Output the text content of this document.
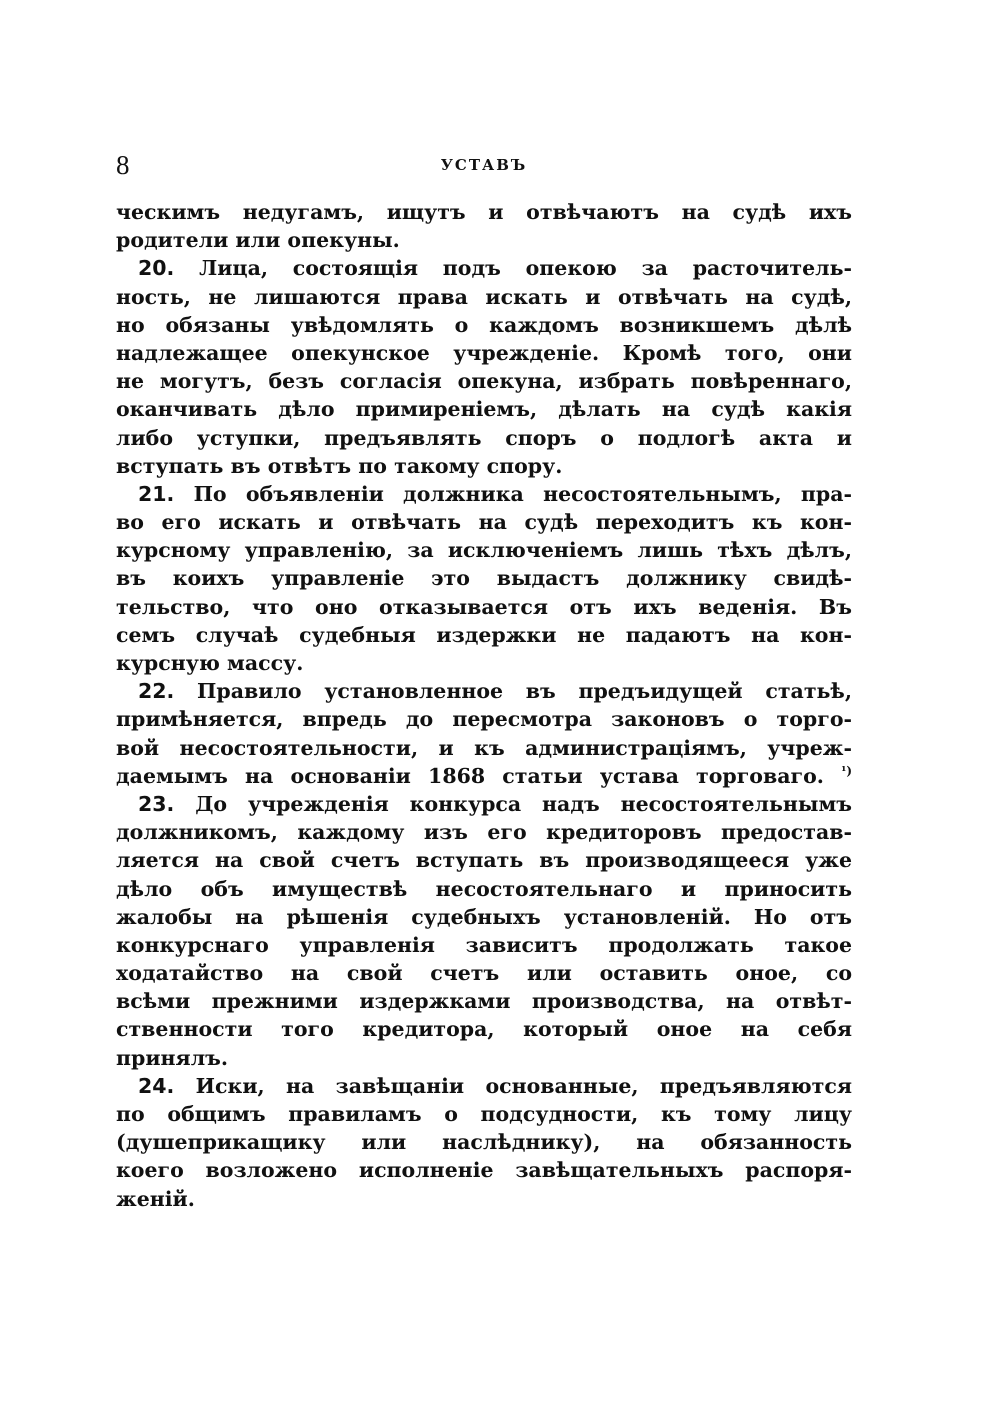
8	УСТАВЪ
ческимъ недугамъ, ищутъ и отвѣчаютъ на судѣ ихъ
родители или опекуны.
20. Лица, состоящія подъ опекою за расточитель-
ность, не лишаются права искать и отвѣчать на судѣ,
но обязаны увѣдомлять о каждомъ возникшемъ дѣлѣ
надлежащее опекунское учрежденіе. Кромѣ того, они
не могутъ, безъ согласія опекуна, избрать повѣреннаго,
оканчивать дѣло примиреніемъ, дѣлать на судѣ какія
либо уступки, предъявлять споръ о подлогѣ акта и
вступать въ отвѣтъ по такому спору.
21. По объявленіи должника несостоятельнымъ, пра-
во его искать и отвѣчать на судѣ переходитъ къ кон-
курсному управленію, за исключеніемъ лишь тѣхъ дѣлъ,
въ коихъ управленіе это выдастъ должнику свидѣ-
тельство, что оно отказывается отъ ихъ веденія. Въ
семъ случаѣ судебныя издержки не падаютъ на кон-
курсную массу.
22. Правило установленное въ предъидущей статьѣ,
примѣняется, впредь до пересмотра законовъ о торго-
вой несостоятельности, и къ администраціямъ, учреж-
даемымъ на основаніи 1868 статьи устава торговаго. $^{^1)}$
23. До учрежденія конкурса надъ несостоятельнымъ
должникомъ, каждому изъ его кредиторовъ предостав-
ляется на свой счетъ вступать въ производящееся уже
дѣло объ имуществѣ несостоятельнаго и приносить
жалобы на рѣшенія судебныхъ установленій. Но отъ
конкурснаго управленія зависитъ продолжать такое
ходатайство на свой счетъ или оставить оное, со
всѣми прежними издержками производства, на отвѣт-
ственности того кредитора, который оное на себя
принялъ.
24. Иски, на завѣщаніи основанные, предъявляются
по общимъ правиламъ о подсудности, къ тому лицу
(душеприкащику или наслѣднику), на обязанность
коего возложено исполненіе завѣщательныхъ распоря-
женій.
